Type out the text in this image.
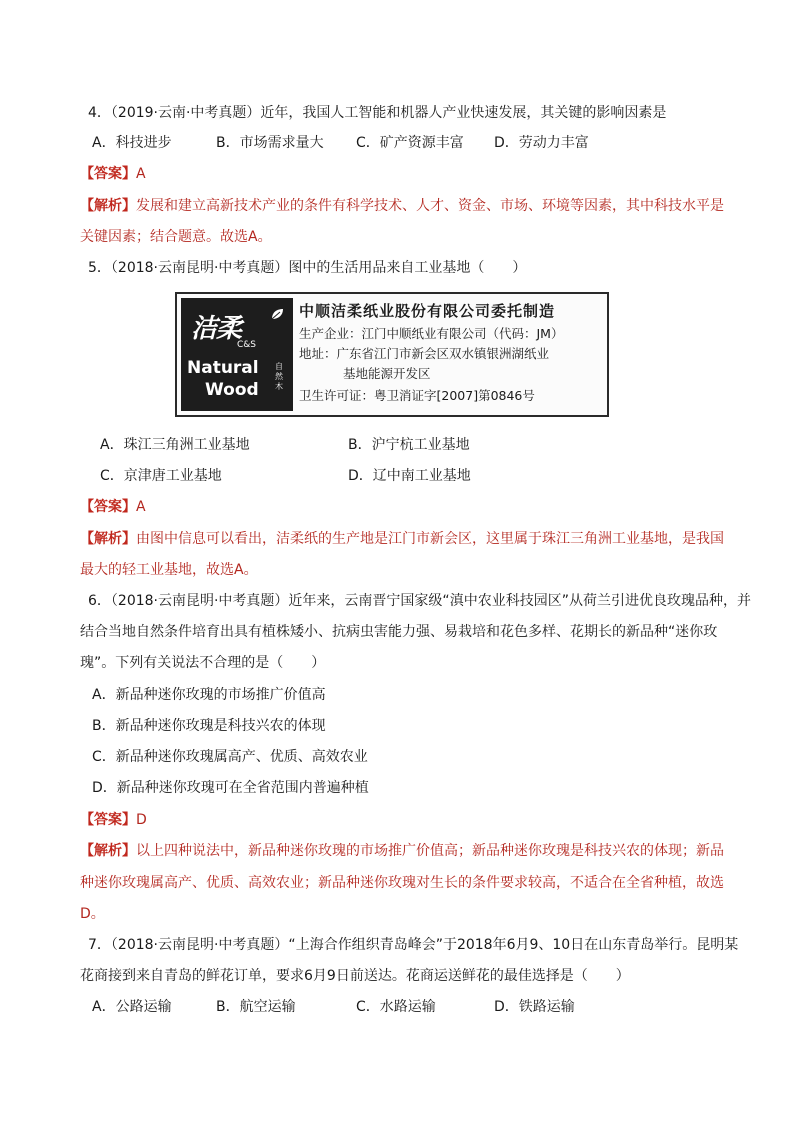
4．（2019·云南·中考真题）近年，我国人工智能和机器人产业快速发展，其关键的影响因素是
A．科技进步	B．市场需求量大 C．矿产资源丰富 D．劳动力丰富
【答案】A
【解析】发展和建立高新技术产业的条件有科学技术、人才、资金、市场、环境等因素，其中科技水平是
关键因素；结合题意。故选A。
5．（2018·云南昆明·中考真题）图中的生活用品来自工业基地（　　）
洁柔
C&S
Natural
Wood
自然木
中顺洁柔纸业股份有限公司委托制造
生产企业：江门中顺纸业有限公司（代码：JM）
地址：广东省江门市新会区双水镇银洲湖纸业
基地能源开发区
卫生许可证：粤卫消证字[2007]第0846号
A．珠江三角洲工业基地	B．沪宁杭工业基地
C．京津唐工业基地	D．辽中南工业基地
【答案】A
【解析】由图中信息可以看出，洁柔纸的生产地是江门市新会区，这里属于珠江三角洲工业基地，是我国
最大的轻工业基地，故选A。
6．（2018·云南昆明·中考真题）近年来，云南晋宁国家级“滇中农业科技园区”从荷兰引进优良玫瑰品种，并
结合当地自然条件培育出具有植株矮小、抗病虫害能力强、易栽培和花色多样、花期长的新品种“迷你玫
瑰”。下列有关说法不合理的是（　　）
A．新品种迷你玫瑰的市场推广价值高
B．新品种迷你玫瑰是科技兴农的体现
C．新品种迷你玫瑰属高产、优质、高效农业
D．新品种迷你玫瑰可在全省范围内普遍种植
【答案】D
【解析】以上四种说法中，新品种迷你玫瑰的市场推广价值高；新品种迷你玫瑰是科技兴农的体现；新品
种迷你玫瑰属高产、优质、高效农业；新品种迷你玫瑰对生长的条件要求较高，不适合在全省种植，故选
D。
7．（2018·云南昆明·中考真题）“上海合作组织青岛峰会”于2018年6月9、10日在山东青岛举行。昆明某
花商接到来自青岛的鲜花订单，要求6月9日前送达。花商运送鲜花的最佳选择是（　　）
A．公路运输	B．航空运输	C．水路运输	D．铁路运输
